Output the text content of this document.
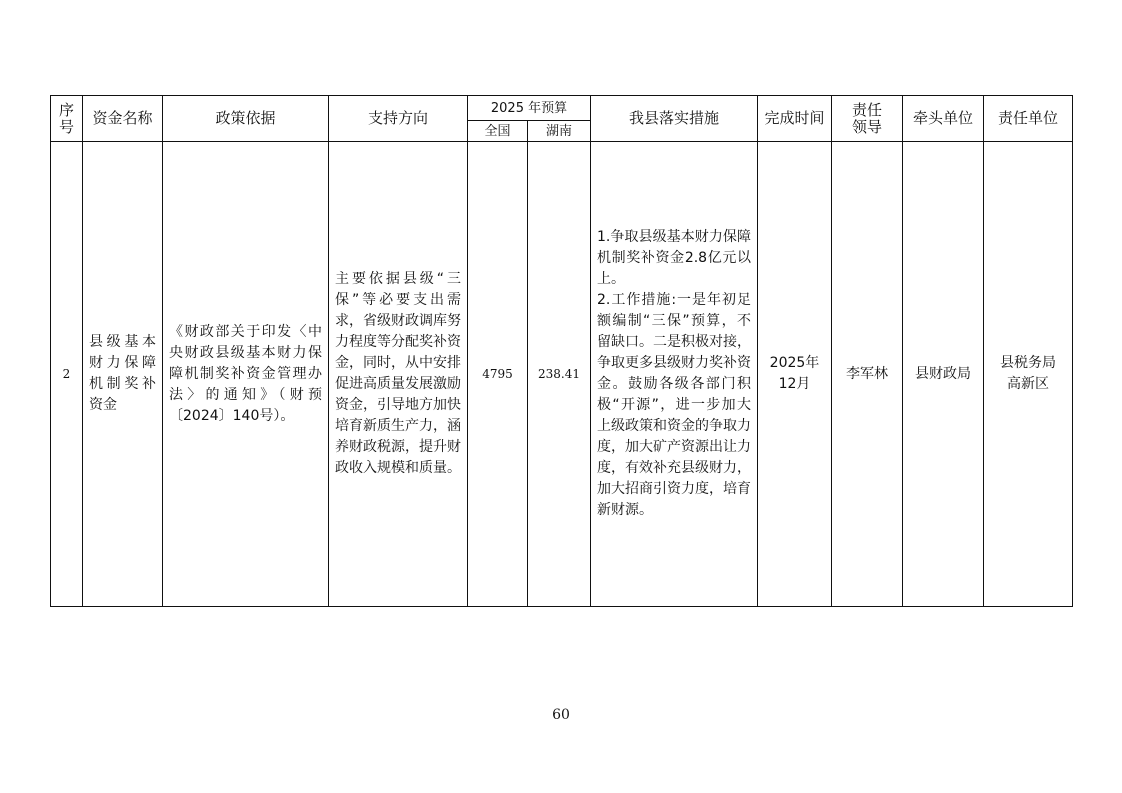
序号	资金名称	政策依据	支持方向	2025 年预算		我县落实措施	完成时间	责任领导	牵头单位	责任单位
				全国	湖南					
2	县级基本财力保障机制奖补资金	《财政部关于印发〈中央财政县级基本财力保障机制奖补资金管理办法〉的通知》（财预〔2024〕140号）。	主要依据县级“三保”等必要支出需求，省级财政调库努力程度等分配奖补资金，同时，从中安排促进高质量发展激励资金，引导地方加快培育新质生产力，涵养财政税源，提升财政收入规模和质量。	4795	238.41	1.争取县级基本财力保障机制奖补资金2.8亿元以上。
2.工作措施:一是年初足额编制“三保”预算，不留缺口。二是积极对接，争取更多县级财力奖补资金。鼓励各级各部门积极“开源”，进一步加大上级政策和资金的争取力度，加大矿产资源出让力度，有效补充县级财力，加大招商引资力度，培育新财源。	2025年12月	李军林	县财政局	县税务局
高新区
60
